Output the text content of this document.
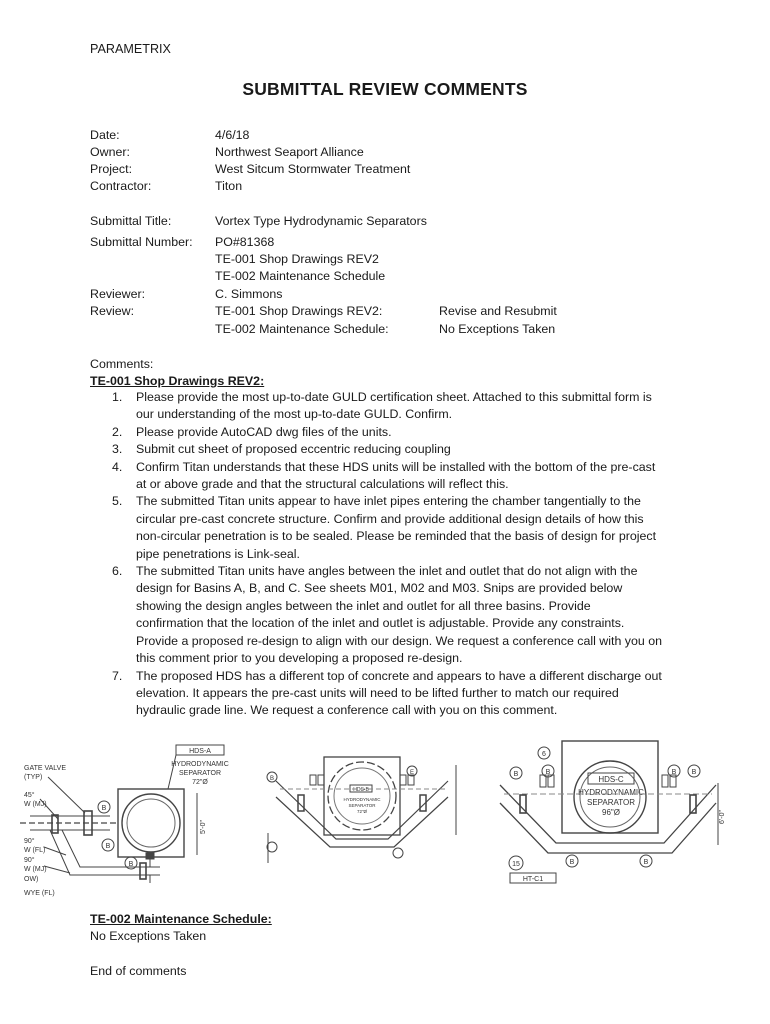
PARAMETRIX
SUBMITTAL REVIEW COMMENTS
Date:	4/6/18
Owner:	Northwest Seaport Alliance
Project:	West Sitcum Stormwater Treatment
Contractor:	Titon
Submittal Title:	Vortex Type Hydrodynamic Separators
Submittal Number: PO#81368
TE-001 Shop Drawings REV2
TE-002 Maintenance Schedule
Reviewer:	C. Simmons
Review:	TE-001 Shop Drawings REV2:	Revise and Resubmit
TE-002 Maintenance Schedule:	No Exceptions Taken
Comments:
TE-001 Shop Drawings REV2:
1. Please provide the most up-to-date GULD certification sheet. Attached to this submittal form is
our understanding of the most up-to-date GULD. Confirm.
2. Please provide AutoCAD dwg files of the units.
3. Submit cut sheet of proposed eccentric reducing coupling
4. Confirm Titan understands that these HDS units will be installed with the bottom of the pre-cast
at or above grade and that the structural calculations will reflect this.
5. The submitted Titan units appear to have inlet pipes entering the chamber tangentially to the
circular pre-cast concrete structure. Confirm and provide additional design details of how this
non-circular penetration is to be sealed. Please be reminded that the basis of design for project
pipe penetrations is Link-seal.
6. The submitted Titan units have angles between the inlet and outlet that do not align with the
design for Basins A, B, and C. See sheets M01, M02 and M03. Snips are provided below
showing the design angles between the inlet and outlet for all three basins. Provide
confirmation that the location of the inlet and outlet is adjustable. Provide any constraints.
Provide a proposed re-design to align with our design. We request a conference call with you on
this comment prior to you developing a proposed re-design.
7. The proposed HDS has a different top of concrete and appears to have a different discharge out
elevation. It appears the pre-cast units will need to be lifted further to match our required
hydraulic grade line. We request a conference call with you on this comment.
HDS-A
HYDRODYNAMIC
SEPARATOR
72"Ø
5'-0"
B
B
B
GATE VALVE
(TYP)
45°
W (MJ)
90°
W (FL)
90°
W (MJ)
OW)
WYE (FL)
HDS-B
HYDRODYNAMIC
SEPARATOR
72"Ø
B
E
HDS-C
HYDRODYNAMIC
SEPARATOR
96"Ø
6
B	B	B B
B	B
15
HT-C1
6'-0"
TE-002 Maintenance Schedule:
No Exceptions Taken
End of comments
